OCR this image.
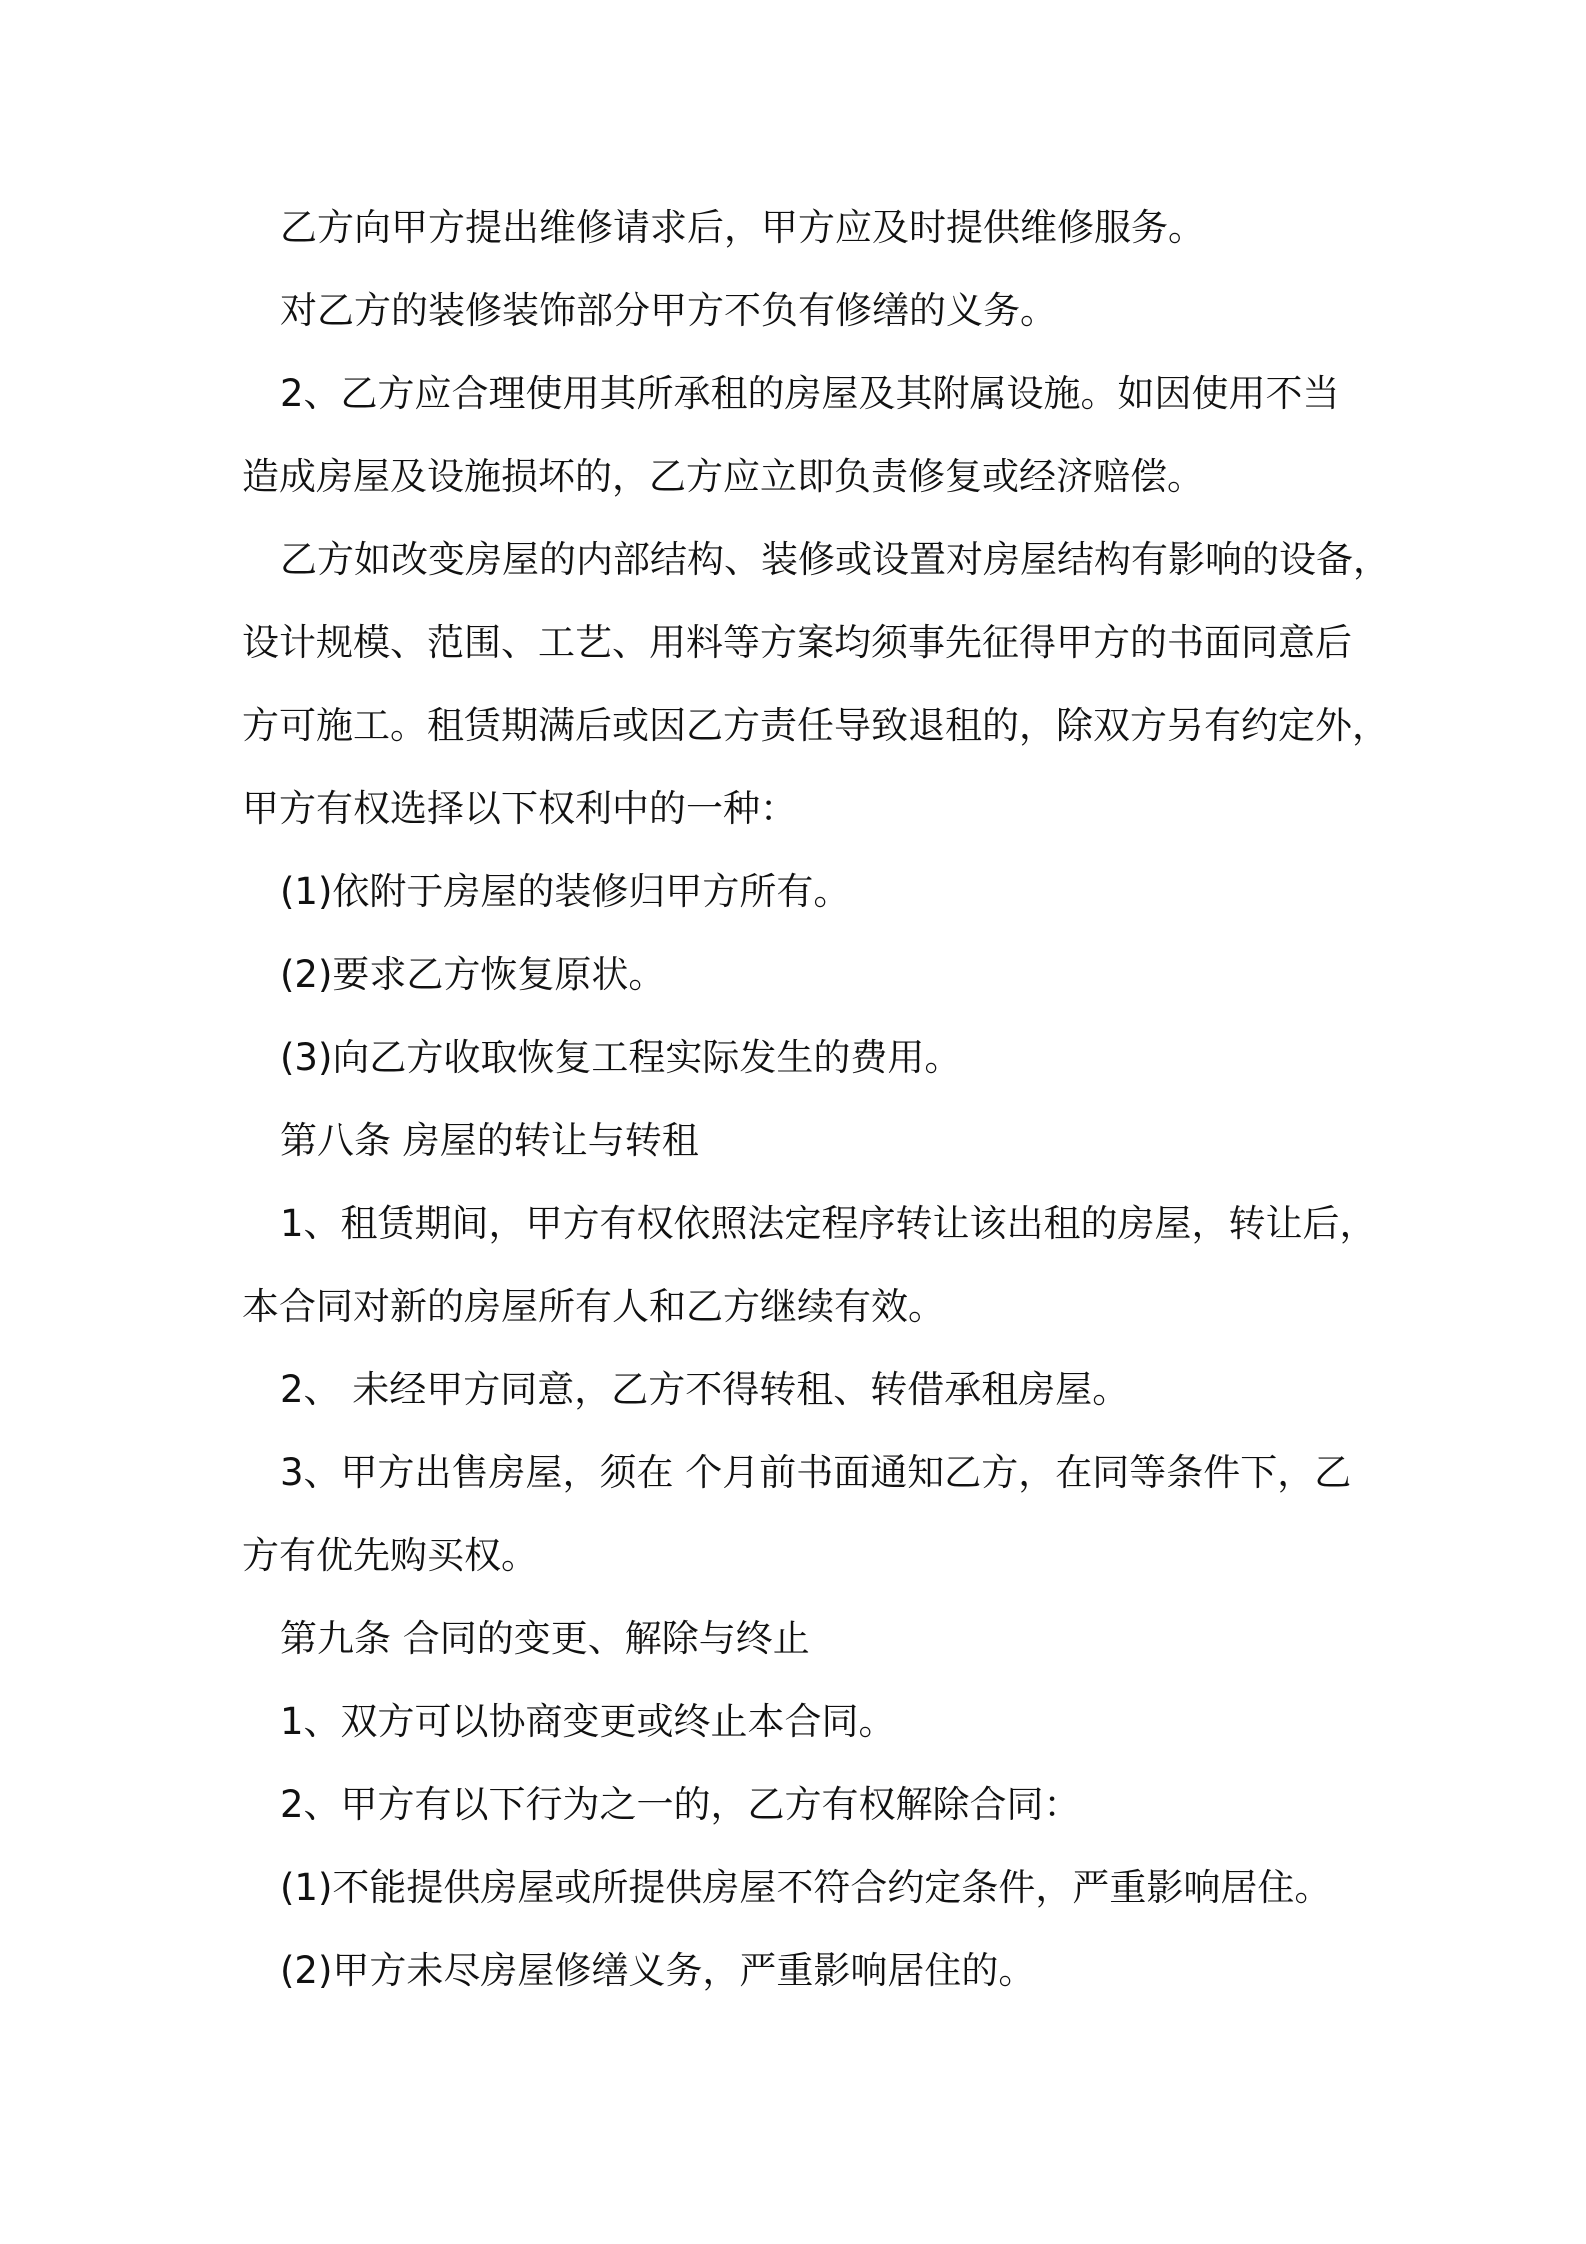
乙方向甲方提出维修请求后，甲方应及时提供维修服务。
对乙方的装修装饰部分甲方不负有修缮的义务。
2、乙方应合理使用其所承租的房屋及其附属设施。如因使用不当
造成房屋及设施损坏的，乙方应立即负责修复或经济赔偿。
乙方如改变房屋的内部结构、装修或设置对房屋结构有影响的设备，
设计规模、范围、工艺、用料等方案均须事先征得甲方的书面同意后
方可施工。租赁期满后或因乙方责任导致退租的，除双方另有约定外，
甲方有权选择以下权利中的一种：
(1)依附于房屋的装修归甲方所有。
(2)要求乙方恢复原状。
(3)向乙方收取恢复工程实际发生的费用。
第八条 房屋的转让与转租
1、租赁期间，甲方有权依照法定程序转让该出租的房屋，转让后，
本合同对新的房屋所有人和乙方继续有效。
2、 未经甲方同意，乙方不得转租、转借承租房屋。
3、甲方出售房屋，须在 个月前书面通知乙方，在同等条件下，乙
方有优先购买权。
第九条 合同的变更、解除与终止
1、双方可以协商变更或终止本合同。
2、甲方有以下行为之一的，乙方有权解除合同：
(1)不能提供房屋或所提供房屋不符合约定条件，严重影响居住。
(2)甲方未尽房屋修缮义务，严重影响居住的。
